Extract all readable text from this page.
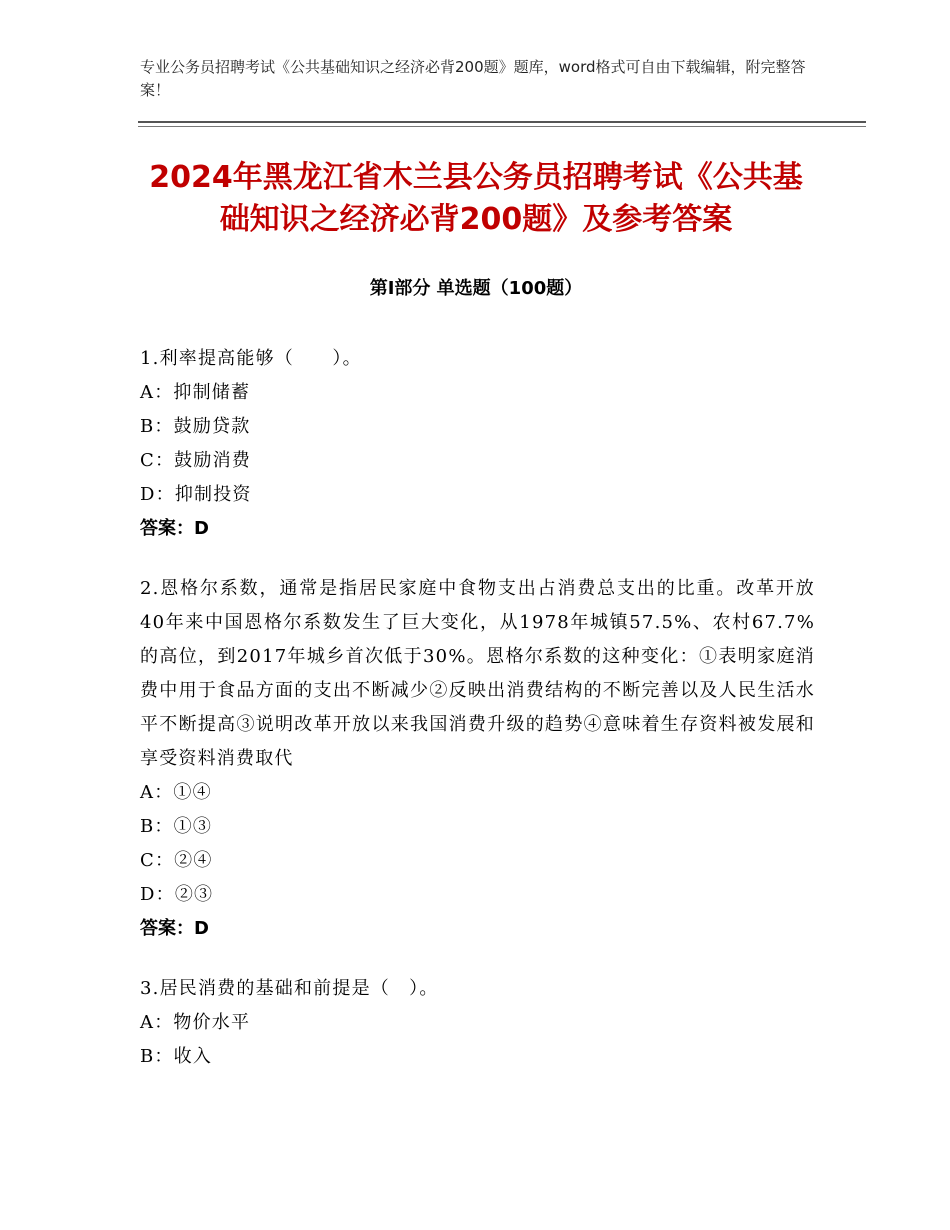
专业公务员招聘考试《公共基础知识之经济必背200题》题库，word格式可自由下载编辑，附完整答案！
2024年黑龙江省木兰县公务员招聘考试《公共基础知识之经济必背200题》及参考答案
第I部分 单选题（100题）
1.利率提高能够（　　）。
A：抑制储蓄
B：鼓励贷款
C：鼓励消费
D：抑制投资
答案：D
2.恩格尔系数，通常是指居民家庭中食物支出占消费总支出的比重。改革开放40年来中国恩格尔系数发生了巨大变化，从1978年城镇57.5%、农村67.7%的高位，到2017年城乡首次低于30%。恩格尔系数的这种变化：①表明家庭消费中用于食品方面的支出不断减少②反映出消费结构的不断完善以及人民生活水平不断提高③说明改革开放以来我国消费升级的趋势④意味着生存资料被发展和享受资料消费取代
A：①④
B：①③
C：②④
D：②③
答案：D
3.居民消费的基础和前提是（　）。
A：物价水平
B：收入
